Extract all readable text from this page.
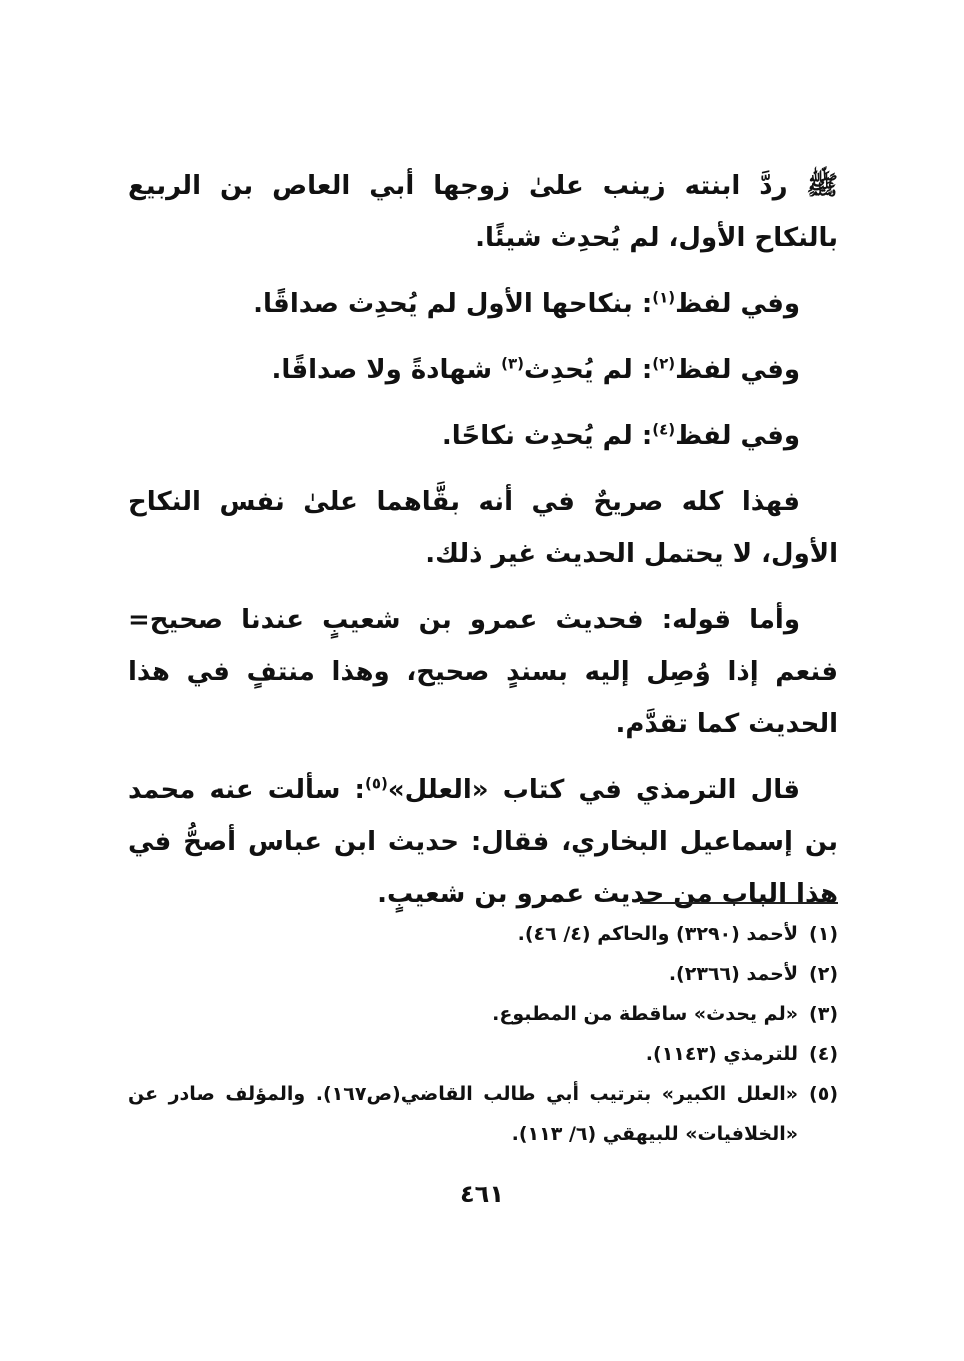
ﷺ ردَّ ابنته زينب علىٰ زوجها أبي العاص بن الربيع بالنكاح الأول، لم يُحدِث شيئًا.

وفي لفظ$^{(١)}$: بنكاحها الأول لم يُحدِث صداقًا.

وفي لفظ$^{(٢)}$: لم يُحدِث$^{(٣)}$ شهادةً ولا صداقًا.

وفي لفظ$^{(٤)}$: لم يُحدِث نكاحًا.

فهذا كله صريحٌ في أنه بقَّاهما علىٰ نفس النكاح الأول، لا يحتمل الحديث غير ذلك.

وأما قوله: فحديث عمرو بن شعيبٍ عندنا صحيح= فنعم إذا وُصِل إليه بسندٍ صحيح، وهذا منتفٍ في هذا الحديث كما تقدَّم.

قال الترمذي في كتاب «العلل»$^{(٥)}$: سألت عنه محمد بن إسماعيل البخاري، فقال: حديث ابن عباس أصحُّ في هذا الباب من حديث عمرو بن شعيبٍ.

(١)
لأحمد (٣٢٩٠) والحاكم (٤/ ٤٦).
(٢)
لأحمد (٢٣٦٦).
(٣)
«لم يحدث» ساقطة من المطبوع.
(٤)
للترمذي (١١٤٣).
(٥)
«العلل الكبير» بترتيب أبي طالب القاضي(ص١٦٧). والمؤلف صادر عن «الخلافيات» للبيهقي (٦/ ١١٣).
٤٦١
